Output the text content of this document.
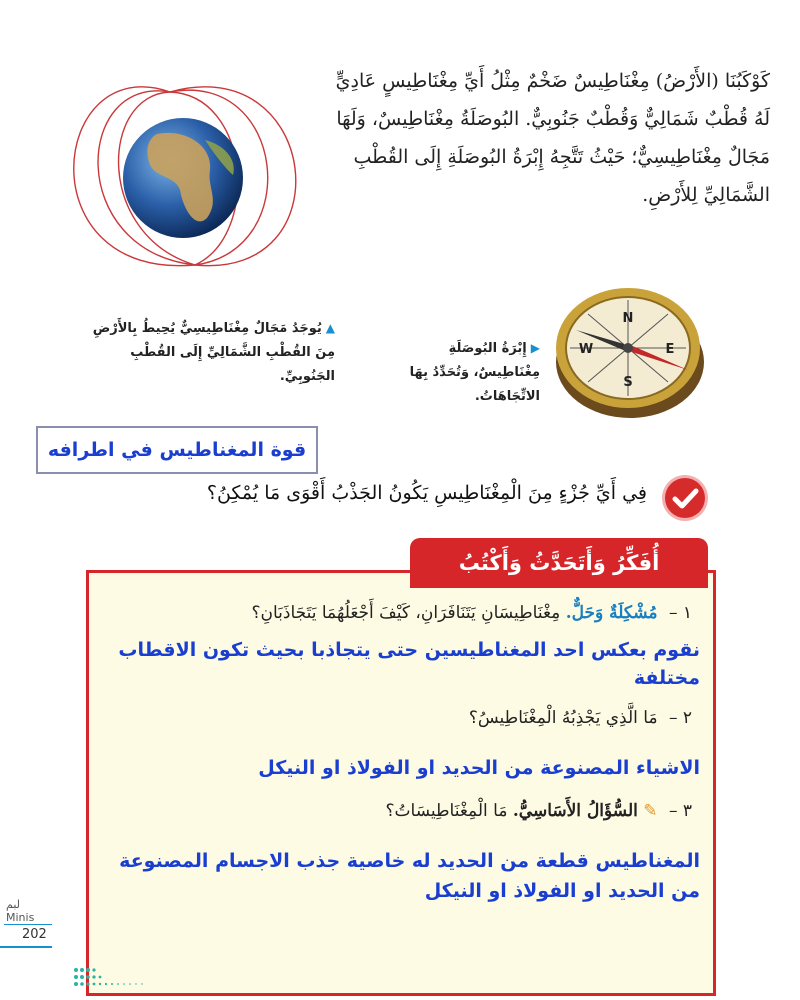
كَوْكَبُنَا (الأَرْضُ) مِغْنَاطِيسٌ ضَخْمٌ مِثْلُ أَيِّ مِغْنَاطِيسٍ عَادِيٍّ لَهُ قُطْبٌ شَمَالِيٌّ وَقُطْبٌ جَنُوبِيٌّ. البُوصَلَةُ مِغْنَاطِيسٌ، وَلَهَا مَجَالٌ مِغْنَاطِيسِيٌّ؛ حَيْثُ تَتَّجِهُ إِبْرَةُ البُوصَلَةِ إِلَى القُطْبِ الشَّمَالِيِّ لِلأَرْضِ.
N
E
S
W
▲يُوجَدُ مَجَالٌ مِغْنَاطِيسِيٌّ يُحِيطُ بِالأَرْضِ مِنَ القُطْبِ الشَّمَالِيِّ إِلَى القُطْبِ الجَنُوبِيِّ.
▶إِبْرَةُ البُوصَلَةِ مِغْنَاطِيسٌ، وَتُحَدِّدُ بِهَا الاتِّجَاهَاتُ.
قوة المغناطيس في اطرافه
فِي أَيِّ جُزْءٍ مِنَ الْمِغْنَاطِيسِ يَكُونُ الجَذْبُ أَقْوَى مَا يُمْكِنُ؟
أُفَكِّرُ وَأَتَحَدَّثُ وَأَكْتُبُ
١ – مُشْكِلَةٌ وَحَلٌّ. مِغْنَاطِيسَانِ يَتَنَافَرَانِ، كَيْفَ أَجْعَلُهُمَا يَتَجَاذَبَانِ؟
نقوم بعكس احد المغناطيسين حتى يتجاذبا بحيث تكون الاقطاب مختلفة
٢ – مَا الَّذِي يَجْذِبُهُ الْمِغْنَاطِيسُ؟
الاشياء المصنوعة من الحديد او الفولاذ او النيكل
٣ – ✎ السُّؤَالُ الأَسَاسِيُّ. مَا الْمِغْنَاطِيسَاتُ؟
المغناطيس قطعة من الحديد له خاصية جذب الاجسام المصنوعة من الحديد او الفولاذ او النيكل
لبم
Minis
202
